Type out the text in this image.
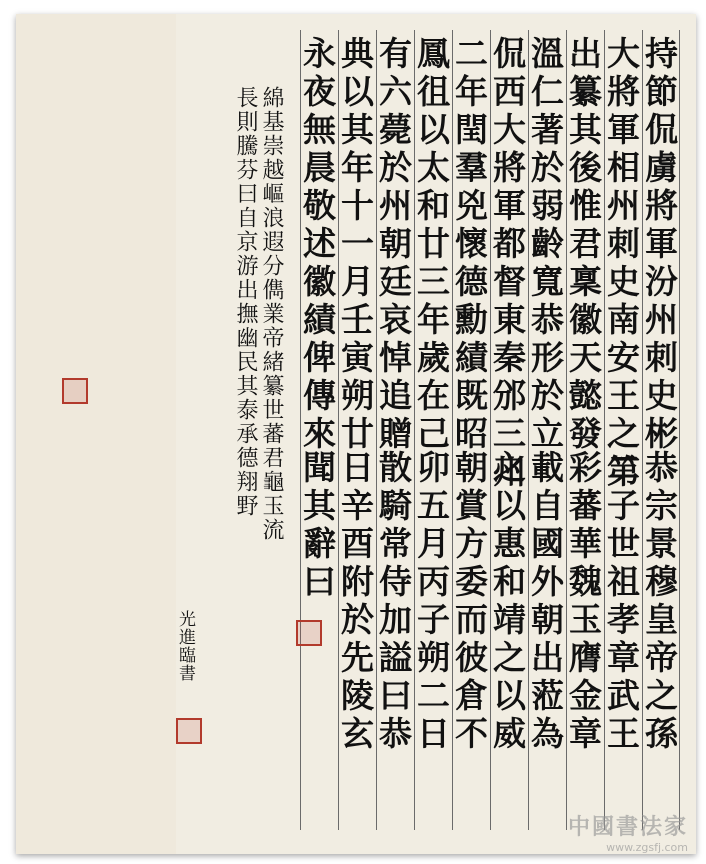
持節侃虜將軍汾州刺史彬
大將軍相州刺史南安王之第
出纂其後惟君稟徽天懿發
溫仁著於弱齡寬恭形於立
侃西大將軍都督東秦邠三州
二年閏羣兇懷德勳績既昭
鳳徂以太和廿三年歲在己
有六薨於州朝廷哀悼追贈
典以其年十一月壬寅朔廿
永夜無晨敬述徽績俾傳來
綿基崇越嶇浪遐分儁業帝緒纂世蕃君龜玉流
長則騰芬曰自京游出撫幽民其泰承德翔野
光進臨書
中國書法家
www.zgsfj.com
恭宗景穆皇帝之孫
二子世祖孝章武王
彩蕃華魏玉膺金章
載自國外朝出蒞為
之以惠和靖之以威
朝賞方委而彼倉不
卯五月丙子朔二日
散騎常侍加謚曰恭
日辛酉附於先陵玄
聞其辭曰
